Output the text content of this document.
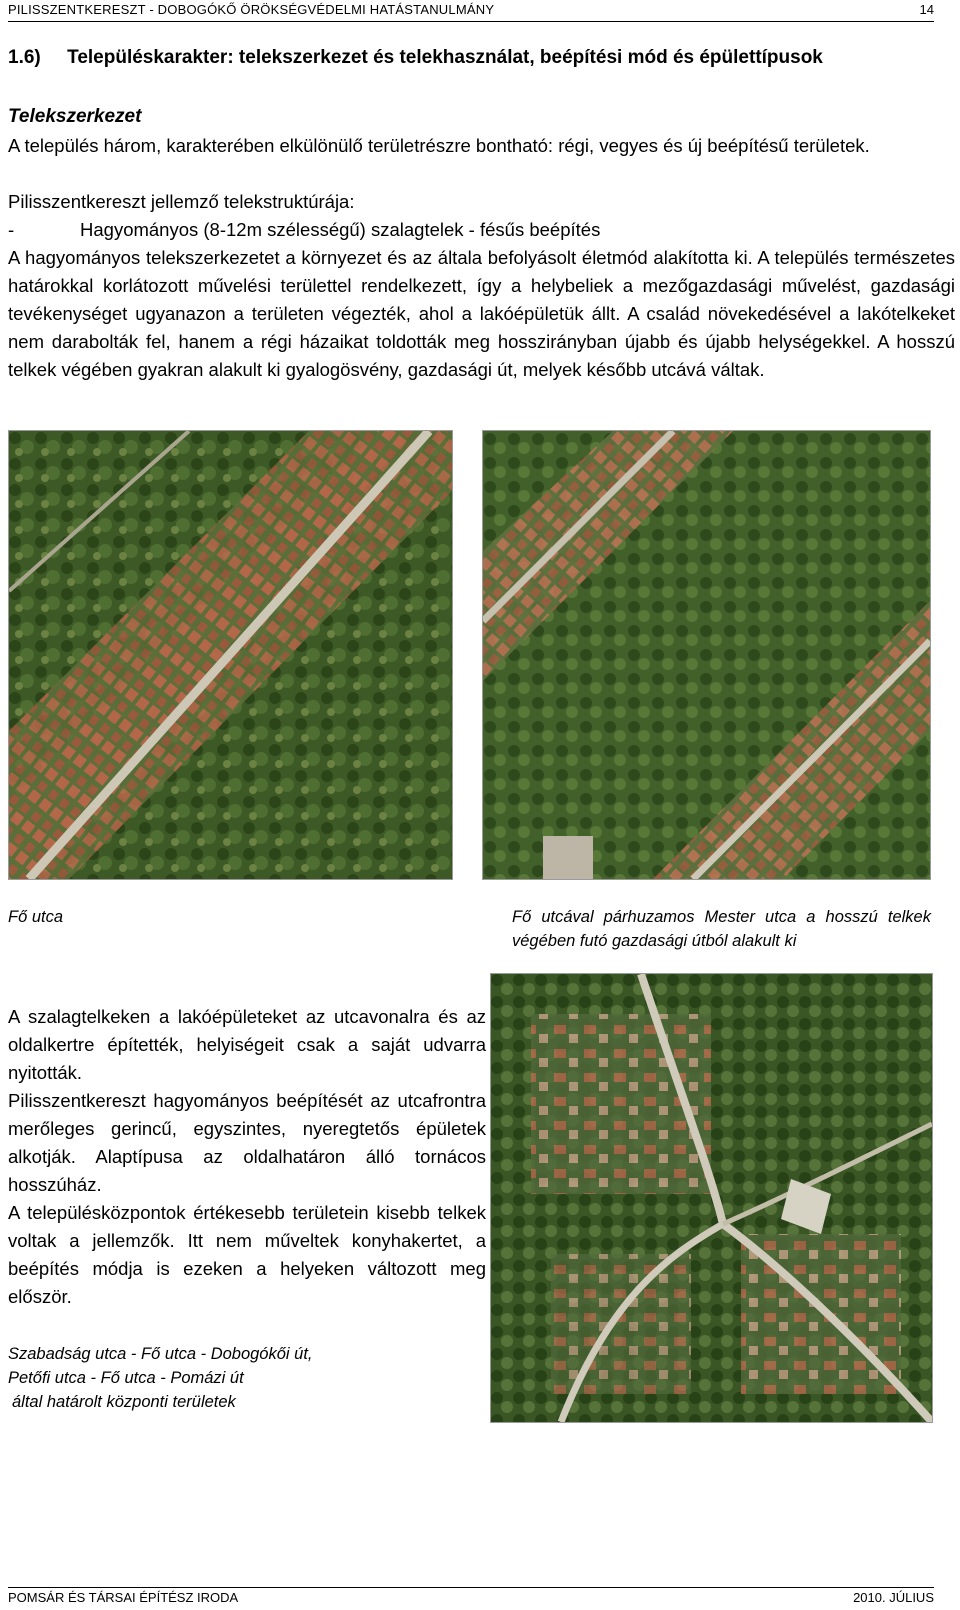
PILISSZENTKERESZT - DOBOGÓKŐ ÖRÖKSÉGVÉDELMI HATÁSTANULMÁNY	14
1.6)     Településkarakter: telekszerkezet és telekhasználat, beépítési mód és épülettípusok
Telekszerkezet

A település három, karakterében elkülönülő területrészre bontható: régi, vegyes és új beépítésű területek.

Pilisszentkereszt jellemző telekstruktúrája:

-	Hagyományos (8-12m szélességű) szalagtelek - fésűs beépítés

A hagyományos telekszerkezetet a környezet és az általa befolyásolt életmód alakította ki. A település természetes határokkal korlátozott művelési területtel rendelkezett, így a helybeliek a mezőgazdasági művelést, gazdasági tevékenységet ugyanazon a területen végezték, ahol a lakóépületük állt. A család növekedésével a lakótelkeket nem darabolták fel, hanem a régi házaikat toldották meg hosszirányban újabb és újabb helységekkel. A hosszú telkek végében gyakran alakult ki gyalogösvény, gazdasági út, melyek később utcává váltak.

Fő utca	Fő utcával párhuzamos Mester utca a hosszú telkek végében futó gazdasági útból alakult ki

A szalagtelkeken a lakóépületeket az utcavonalra és az oldalkertre építették, helyiségeit csak a saját udvarra nyitották.

Pilisszentkereszt hagyományos beépítését az utcafrontra merőleges gerincű, egyszintes, nyeregtetős épületek alkotják. Alaptípusa az oldalhatáron álló tornácos hosszúház.

A településközpontok értékesebb területein kisebb telkek voltak a jellemzők. Itt nem műveltek konyhakertet, a beépítés módja is ezeken a helyeken változott meg először.

Szabadság utca - Fő utca - Dobogókői út,

Petőfi utca - Fő utca - Pomázi út

által határolt központi területek

POMSÁR ÉS TÁRSAI ÉPÍTÉSZ IRODA	2010. JÚLIUS
